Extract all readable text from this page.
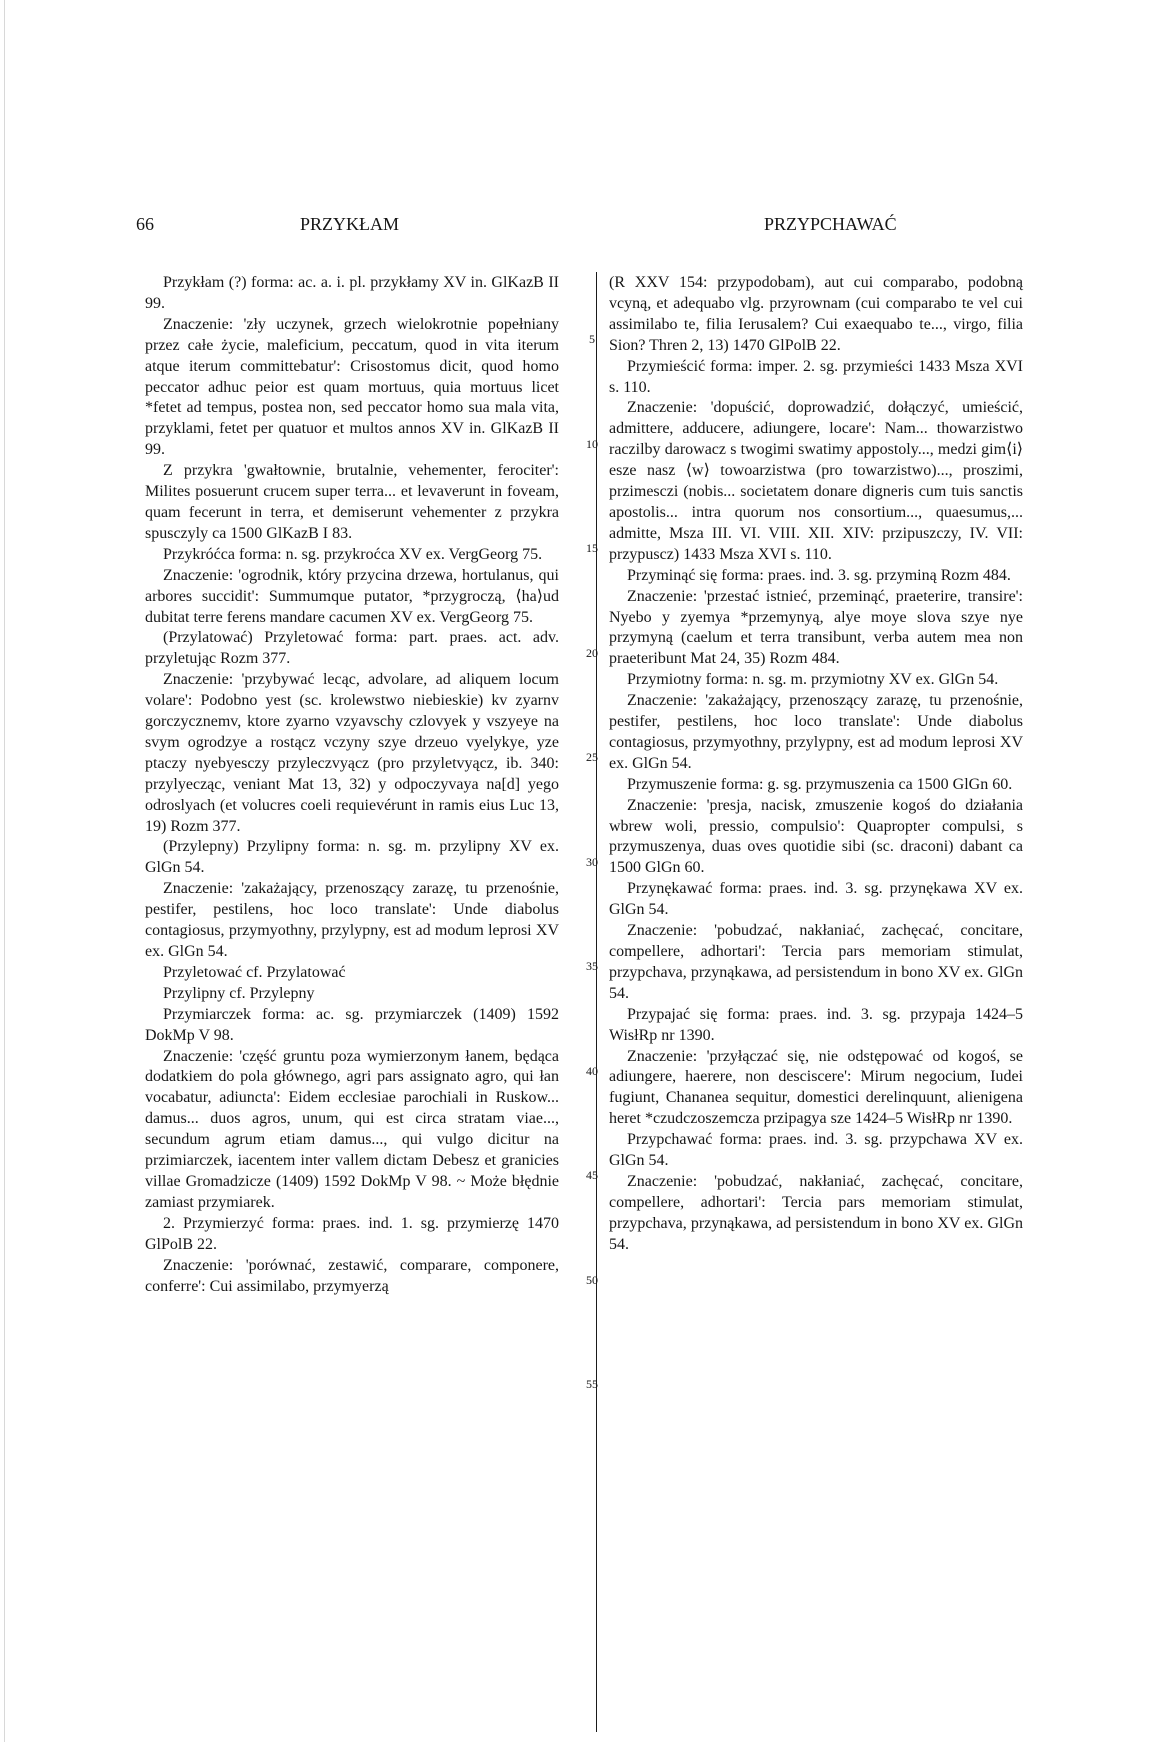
66	PRZYKŁAM	PRZYPCHAWAĆ
5
10
15
20
25
30
35
40
45
50
55

Przykłam (?) forma: ac. a. i. pl. przykłamy XV in. GlKazB II 99.

Znaczenie: 'zły uczynek, grzech wielokrotnie popełniany przez całe życie, maleficium, peccatum, quod in vita iterum atque iterum committebatur': Crisostomus dicit, quod homo peccator adhuc peior est quam mortuus, quia mortuus licet *fetet ad tempus, postea non, sed peccator homo sua mala vita, przyklami, fetet per quatuor et multos annos XV in. GlKazB II 99.

Z przykra 'gwałtownie, brutalnie, vehementer, ferociter': Milites posuerunt crucem super terra... et levaverunt in foveam, quam fecerunt in terra, et demiserunt vehementer z przykra spusczyly ca 1500 GlKazB I 83.

Przykróćca forma: n. sg. przykroćca XV ex. VergGeorg 75.

Znaczenie: 'ogrodnik, który przycina drzewa, hortulanus, qui arbores succidit': Summumque putator, *przygroczą, ⟨ha⟩ud dubitat terre ferens mandare cacumen XV ex. VergGeorg 75.

(Przylatować) Przyletować forma: part. praes. act. adv. przyletując Rozm 377.

Znaczenie: 'przybywać lecąc, advolare, ad aliquem locum volare': Podobno yest (sc. krolewstwo niebieskie) kv zyarnv gorczycznemv, ktore zyarno vzyavschy czlovyek y vszyeye na svym ogrodzye a rostącz vczyny szye drzeuo vyelykye, yze ptaczy nyebyesczy przyleczvyącz (pro przyletvyącz, ib. 340: przylyecząc, veniant Mat 13, 32) y odpoczyvaya na[d] yego odroslyach (et volucres coeli requievérunt in ramis eius Luc 13, 19) Rozm 377.

(Przylepny) Przylipny forma: n. sg. m. przylipny XV ex. GlGn 54.

Znaczenie: 'zakażający, przenoszący zarazę, tu przenośnie, pestifer, pestilens, hoc loco translate': Unde diabolus contagiosus, przymyothny, przylypny, est ad modum leprosi XV ex. GlGn 54.

Przyletować cf. Przylatować

Przylipny cf. Przylepny

Przymiarczek forma: ac. sg. przymiarczek (1409) 1592 DokMp V 98.

Znaczenie: 'część gruntu poza wymierzonym łanem, będąca dodatkiem do pola głównego, agri pars assignato agro, qui łan vocabatur, adiuncta': Eidem ecclesiae parochiali in Ruskow... damus... duos agros, unum, qui est circa stratam viae..., secundum agrum etiam damus..., qui vulgo dicitur na przimiarczek, iacentem inter vallem dictam Debesz et granicies villae Gromadzicze (1409) 1592 DokMp V 98. ~ Może błędnie zamiast przymiarek.

2. Przymierzyć forma: praes. ind. 1. sg. przymierzę 1470 GlPolB 22.

Znaczenie: 'porównać, zestawić, comparare, componere, conferre': Cui assimilabo, przymyerzą

(R XXV 154: przypodobam), aut cui comparabo, podobną vcyną, et adequabo vlg. przyrownam (cui comparabo te vel cui assimilabo te, filia Ierusalem? Cui exaequabo te..., virgo, filia Sion? Thren 2, 13) 1470 GlPolB 22.

Przymieścić forma: imper. 2. sg. przymieści 1433 Msza XVI s. 110.

Znaczenie: 'dopuścić, doprowadzić, dołączyć, umieścić, admittere, adducere, adiungere, locare': Nam... thowarzistwo raczilby darowacz s twogimi swatimy appostoly..., medzi gim⟨i⟩ esze nasz ⟨w⟩ towoarzistwa (pro towarzistwo)..., proszimi, przimesczi (nobis... societatem donare digneris cum tuis sanctis apostolis... intra quorum nos consortium..., quaesumus,... admitte, Msza III. VI. VIII. XII. XIV: przipuszczy, IV. VII: przypuscz) 1433 Msza XVI s. 110.

Przyminąć się forma: praes. ind. 3. sg. przyminą Rozm 484.

Znaczenie: 'przestać istnieć, przeminąć, praeterire, transire': Nyebo y zyemya *przemynyą, alye moye slova szye nye przymyną (caelum et terra transibunt, verba autem mea non praeteribunt Mat 24, 35) Rozm 484.

Przymiotny forma: n. sg. m. przymiotny XV ex. GlGn 54.

Znaczenie: 'zakażający, przenoszący zarazę, tu przenośnie, pestifer, pestilens, hoc loco translate': Unde diabolus contagiosus, przymyothny, przylypny, est ad modum leprosi XV ex. GlGn 54.

Przymuszenie forma: g. sg. przymuszenia ca 1500 GlGn 60.

Znaczenie: 'presja, nacisk, zmuszenie kogoś do działania wbrew woli, pressio, compulsio': Quapropter compulsi, s przymuszenya, duas oves quotidie sibi (sc. draconi) dabant ca 1500 GlGn 60.

Przynękawać forma: praes. ind. 3. sg. przynękawa XV ex. GlGn 54.

Znaczenie: 'pobudzać, nakłaniać, zachęcać, concitare, compellere, adhortari': Tercia pars memoriam stimulat, przypchava, przynąkawa, ad persistendum in bono XV ex. GlGn 54.

Przypajać się forma: praes. ind. 3. sg. przypaja 1424–5 WisłRp nr 1390.

Znaczenie: 'przyłączać się, nie odstępować od kogoś, se adiungere, haerere, non desciscere': Mirum negocium, Iudei fugiunt, Chananea sequitur, domestici derelinquunt, alienigena heret *czudczoszemcza przipagya sze 1424–5 WisłRp nr 1390.

Przypchawać forma: praes. ind. 3. sg. przypchawa XV ex. GlGn 54.

Znaczenie: 'pobudzać, nakłaniać, zachęcać, concitare, compellere, adhortari': Tercia pars memoriam stimulat, przypchava, przynąkawa, ad persistendum in bono XV ex. GlGn 54.
